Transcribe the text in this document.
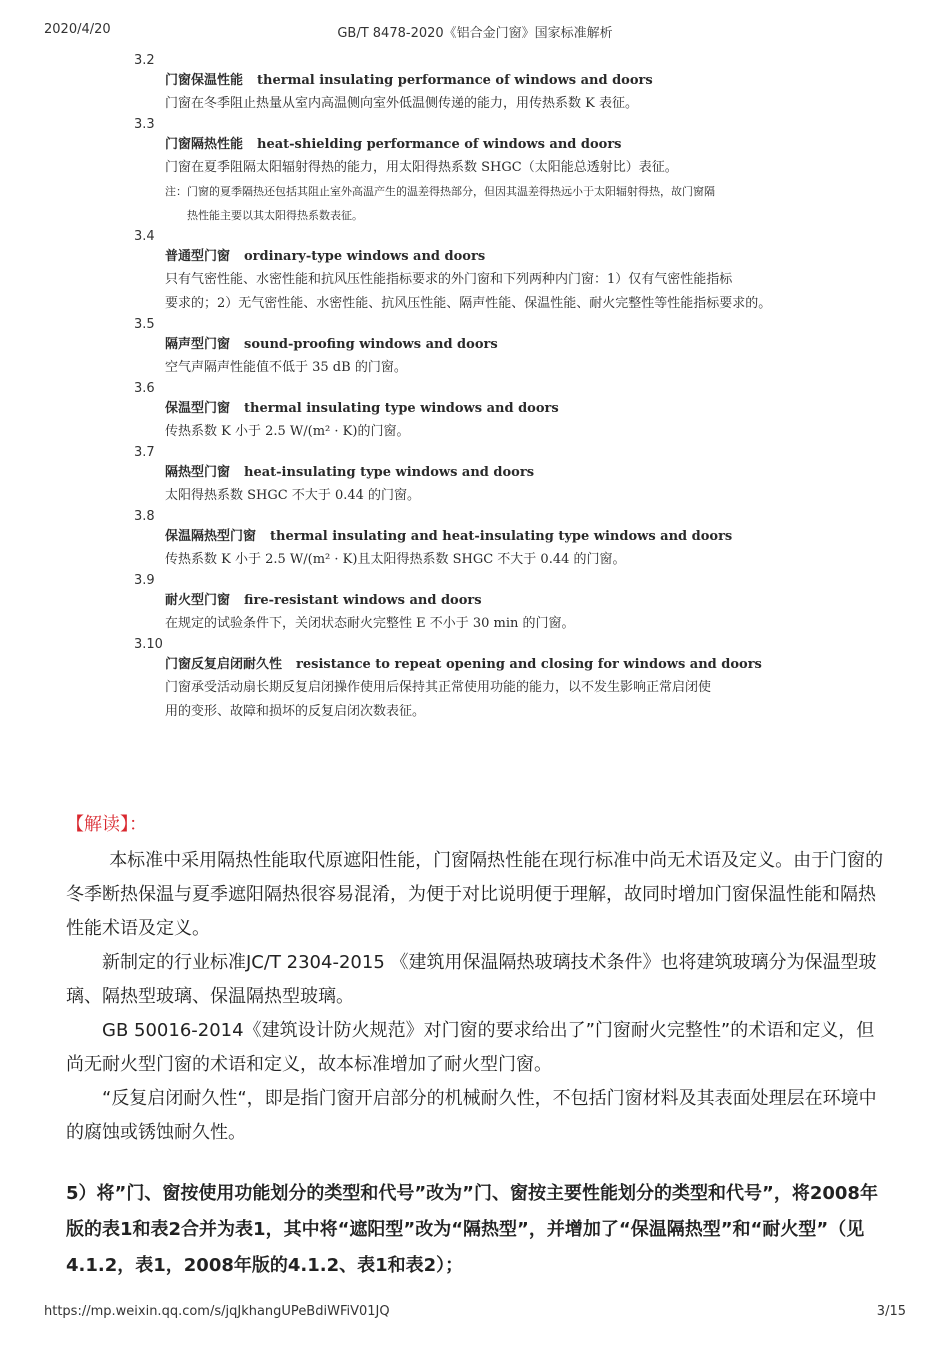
2020/4/20	GB/T 8478-2020《铝合金门窗》国家标准解析
3.2
门窗保温性能 thermal insulating performance of windows and doors
门窗在冬季阻止热量从室内高温侧向室外低温侧传递的能力，用传热系数 K 表征。
3.3
门窗隔热性能 heat-shielding performance of windows and doors
门窗在夏季阻隔太阳辐射得热的能力，用太阳得热系数 SHGC（太阳能总透射比）表征。
注：门窗的夏季隔热还包括其阻止室外高温产生的温差得热部分，但因其温差得热远小于太阳辐射得热，故门窗隔
　　热性能主要以其太阳得热系数表征。
3.4
普通型门窗 ordinary-type windows and doors
只有气密性能、水密性能和抗风压性能指标要求的外门窗和下列两种内门窗：1）仅有气密性能指标
要求的；2）无气密性能、水密性能、抗风压性能、隔声性能、保温性能、耐火完整性等性能指标要求的。
3.5
隔声型门窗 sound-proofing windows and doors
空气声隔声性能值不低于 35 dB 的门窗。
3.6
保温型门窗 thermal insulating type windows and doors
传热系数 K 小于 2.5 W/(m² · K)的门窗。
3.7
隔热型门窗 heat-insulating type windows and doors
太阳得热系数 SHGC 不大于 0.44 的门窗。
3.8
保温隔热型门窗 thermal insulating and heat-insulating type windows and doors
传热系数 K 小于 2.5 W/(m² · K)且太阳得热系数 SHGC 不大于 0.44 的门窗。
3.9
耐火型门窗 fire-resistant windows and doors
在规定的试验条件下，关闭状态耐火完整性 E 不小于 30 min 的门窗。
3.10
门窗反复启闭耐久性 resistance to repeat opening and closing for windows and doors
门窗承受活动扇长期反复启闭操作使用后保持其正常使用功能的能力，以不发生影响正常启闭使
用的变形、故障和损坏的反复启闭次数表征。
【解读】：

本标准中采用隔热性能取代原遮阳性能，门窗隔热性能在现行标准中尚无术语及定义。由于门窗的冬季断热保温与夏季遮阳隔热很容易混淆，为便于对比说明便于理解，故同时增加门窗保温性能和隔热性能术语及定义。

新制定的行业标准JC/T 2304-2015 《建筑用保温隔热玻璃技术条件》也将建筑玻璃分为保温型玻璃、隔热型玻璃、保温隔热型玻璃。

GB 50016-2014《建筑设计防火规范》对门窗的要求给出了”门窗耐火完整性”的术语和定义，但尚无耐火型门窗的术语和定义，故本标准增加了耐火型门窗。

“反复启闭耐久性“，即是指门窗开启部分的机械耐久性，不包括门窗材料及其表面处理层在环境中的腐蚀或锈蚀耐久性。

5）将”门、窗按使用功能划分的类型和代号”改为”门、窗按主要性能划分的类型和代号”，将2008年版的表1和表2合并为表1，其中将“遮阳型”改为“隔热型”，并增加了“保温隔热型”和“耐火型”（见4.1.2，表1，2008年版的4.1.2、表1和表2）；

https://mp.weixin.qq.com/s/jqJkhangUPeBdiWFiV01JQ	3/15
